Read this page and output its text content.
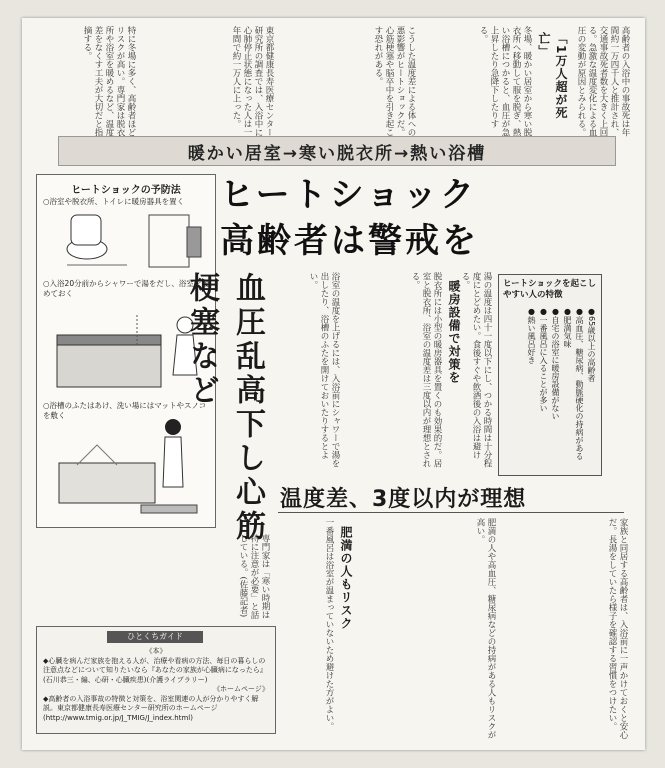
高齢者の入浴中の事故死は年間約一万四千人と推計され、交通事故死者数を大きく上回る。急激な温度変化による血圧の変動が原因とみられる。
「1万人超が死亡」
冬場、暖かい居室から寒い脱衣所へ移動して服を脱ぎ、熱い浴槽につかると、血圧が急上昇したり急降下したりする。
こうした温度差による体への悪影響がヒートショックだ。心筋梗塞や脳卒中を引き起こす恐れがある。
東京都健康長寿医療センター研究所の調査では、入浴中に心肺停止状態になった人は一年間で約一万人に上った。
特に冬場に多く、高齢者ほどリスクが高い。専門家は脱衣所や浴室を暖めるなど、温度差をなくす工夫が大切だと指摘する。
暖かい居室→寒い脱衣所→熱い浴槽
ヒートショックの予防法
○浴室や脱衣所、トイレに暖房器具を置く
○入浴20分前からシャワーで湯をだし、浴室を暖めておく
○浴槽のふたはあけ、洗い場にはマットやスノコを敷く
ヒートショック
高齢者は警戒を
血圧乱高下し心筋梗塞など	浴室の温度を上げるには、入浴前にシャワーで湯を出したり、浴槽のふたを開けておいたりするとよい。	暖房設備で対策を
脱衣所には小型の暖房器具を置くのも効果的だ。居室と脱衣所、浴室の温度差は三度以内が理想とされる。	湯の温度は四十一度以下にし、つかる時間は十分程度にとどめたい。食後すぐや飲酒後の入浴は避ける。	ヒートショックを起こしやすい人の特徴
●65歳以上の高齢者
●高血圧、糖尿病、動脈硬化の持病がある
●肥満気味
●自宅の浴室に暖房設備がない
●一番風呂に入ることが多い
●熱い風呂好き
温度差、3度以内が理想
家族と同居する高齢者は、入浴前に一声かけておくと安心だ。長湯をしていたら様子を確認する習慣をつけたい。
肥満の人や高血圧、糖尿病などの持病がある人もリスクが高い。
肥満の人もリスク
一番風呂は浴室が温まっていないため避けた方がよい。
専門家は「寒い時期は特に注意が必要」と話している。(佐藤記者)
ひとくちガイド
《本》
◆心臓を病んだ家族を抱える人が、治療や看病の方法、毎日の暮らしの注意点などについて知りたいなら『あなたの家族が心臓病になったら』(石川恭三・編、心研・心臓疾患)(介護ライブラリー)
《ホームページ》
◆高齢者の入浴事故の特徴と対策を、浴室関連の人が分かりやすく解説。東京都健康長寿医療センター研究所のホームページ
(http://www.tmig.or.jp/J_TMIG/J_index.html)
